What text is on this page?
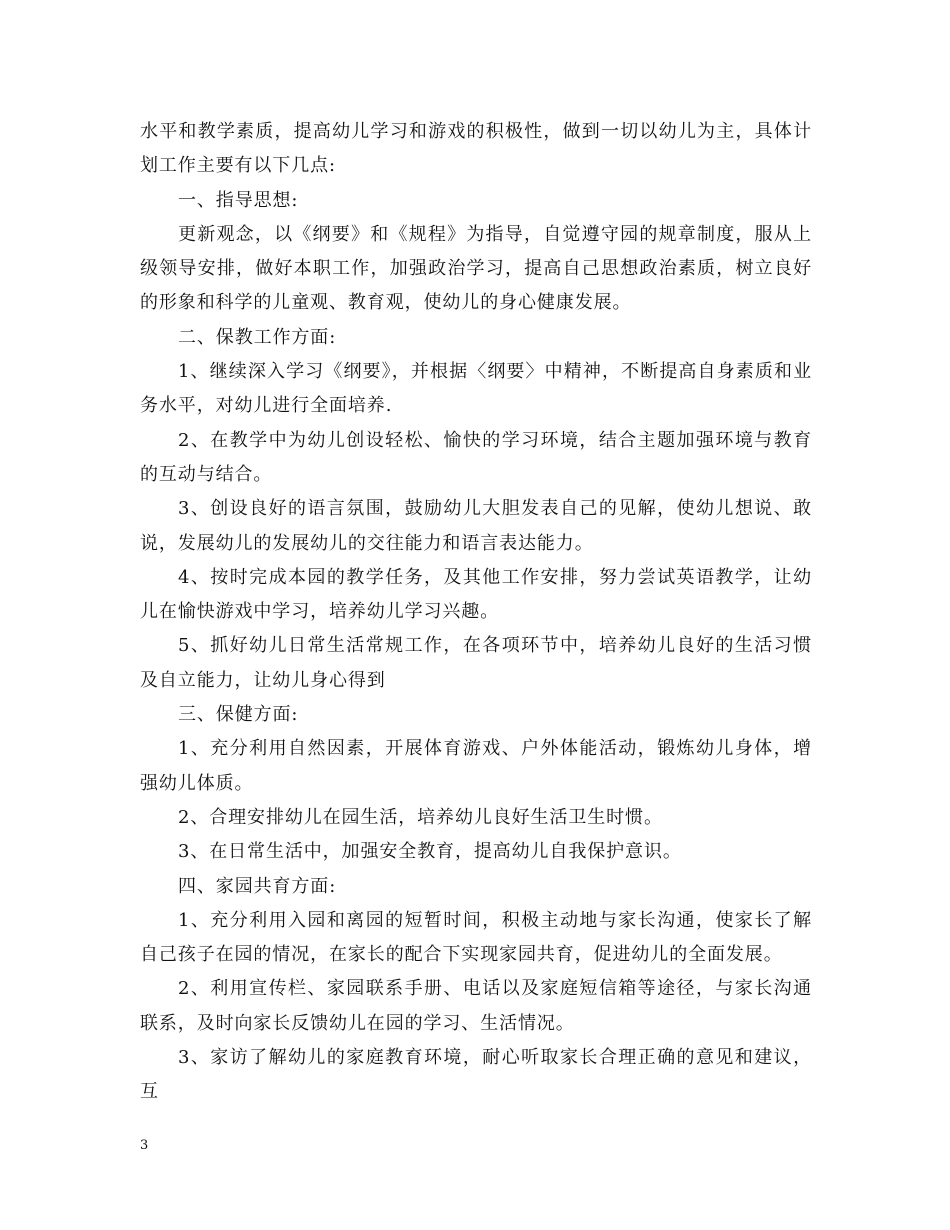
水平和教学素质，提高幼儿学习和游戏的积极性，做到一切以幼儿为主，具体计划工作主要有以下几点:

一、指导思想:

更新观念，以《纲要》和《规程》为指导，自觉遵守园的规章制度，服从上级领导安排，做好本职工作，加强政治学习，提高自己思想政治素质，树立良好的形象和科学的儿童观、教育观，使幼儿的身心健康发展。

二、保教工作方面:

1、继续深入学习《纲要》，并根据〈纲要〉中精神，不断提高自身素质和业务水平，对幼儿进行全面培养.

2、在教学中为幼儿创设轻松、愉快的学习环境，结合主题加强环境与教育的互动与结合。

3、创设良好的语言氛围，鼓励幼儿大胆发表自己的见解，使幼儿想说、敢说，发展幼儿的发展幼儿的交往能力和语言表达能力。

4、按时完成本园的教学任务，及其他工作安排，努力尝试英语教学，让幼儿在愉快游戏中学习，培养幼儿学习兴趣。

5、抓好幼儿日常生活常规工作，在各项环节中，培养幼儿良好的生活习惯及自立能力，让幼儿身心得到

三、保健方面:

1、充分利用自然因素，开展体育游戏、户外体能活动，锻炼幼儿身体，增强幼儿体质。

2、合理安排幼儿在园生活，培养幼儿良好生活卫生时惯。

3、在日常生活中，加强安全教育，提高幼儿自我保护意识。

四、家园共育方面:

1、充分利用入园和离园的短暂时间，积极主动地与家长沟通，使家长了解自己孩子在园的情况，在家长的配合下实现家园共育，促进幼儿的全面发展。

2、利用宣传栏、家园联系手册、电话以及家庭短信箱等途径，与家长沟通联系，及时向家长反馈幼儿在园的学习、生活情况。

3、家访了解幼儿的家庭教育环境，耐心听取家长合理正确的意见和建议，互

3
